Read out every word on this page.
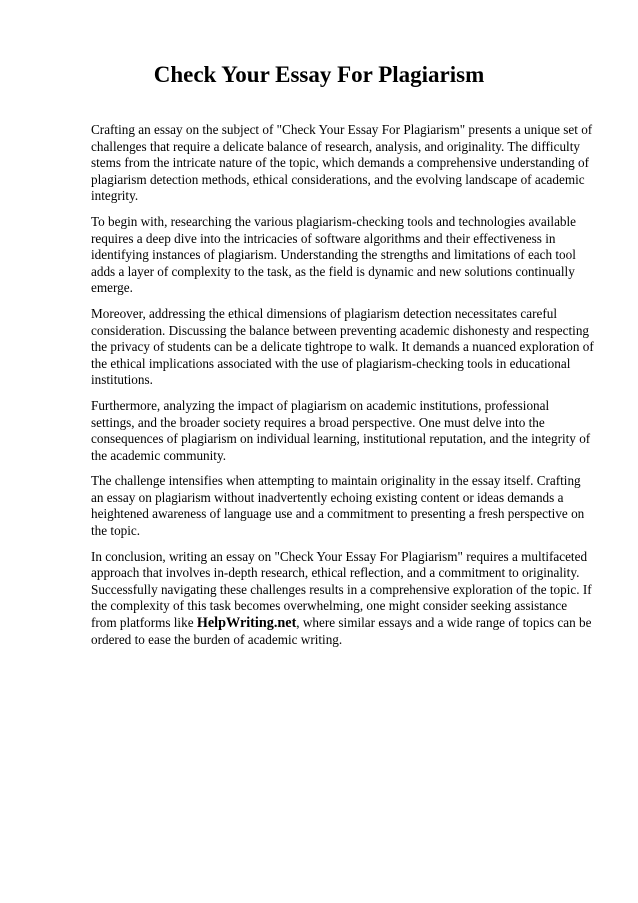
Check Your Essay For Plagiarism

Crafting an essay on the subject of "Check Your Essay For Plagiarism" presents a unique set of challenges that require a delicate balance of research, analysis, and originality. The difficulty stems from the intricate nature of the topic, which demands a comprehensive understanding of plagiarism detection methods, ethical considerations, and the evolving landscape of academic integrity.

To begin with, researching the various plagiarism-checking tools and technologies available requires a deep dive into the intricacies of software algorithms and their effectiveness in identifying instances of plagiarism. Understanding the strengths and limitations of each tool adds a layer of complexity to the task, as the field is dynamic and new solutions continually emerge.

Moreover, addressing the ethical dimensions of plagiarism detection necessitates careful consideration. Discussing the balance between preventing academic dishonesty and respecting the privacy of students can be a delicate tightrope to walk. It demands a nuanced exploration of the ethical implications associated with the use of plagiarism-checking tools in educational institutions.

Furthermore, analyzing the impact of plagiarism on academic institutions, professional settings, and the broader society requires a broad perspective. One must delve into the consequences of plagiarism on individual learning, institutional reputation, and the integrity of the academic community.

The challenge intensifies when attempting to maintain originality in the essay itself. Crafting an essay on plagiarism without inadvertently echoing existing content or ideas demands a heightened awareness of language use and a commitment to presenting a fresh perspective on the topic.

In conclusion, writing an essay on "Check Your Essay For Plagiarism" requires a multifaceted approach that involves in-depth research, ethical reflection, and a commitment to originality. Successfully navigating these challenges results in a comprehensive exploration of the topic. If the complexity of this task becomes overwhelming, one might consider seeking assistance from platforms like HelpWriting.net, where similar essays and a wide range of topics can be ordered to ease the burden of academic writing.
